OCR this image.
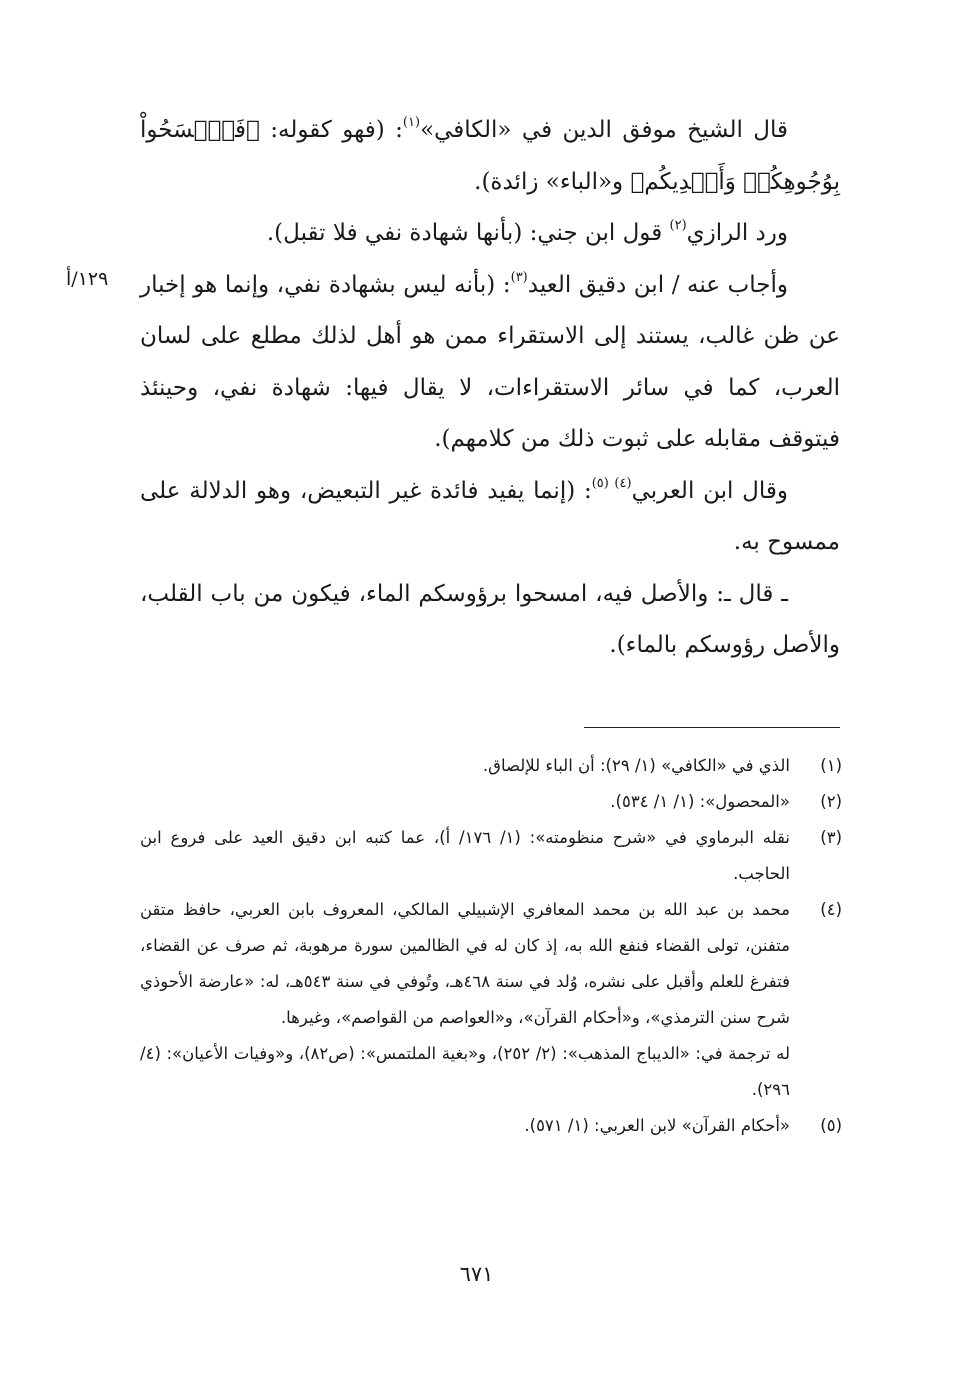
قال الشيخ موفق الدين في «الكافي»$^{(١)}$: (فهو كقوله: ﴿فَٱمۡسَحُواْ بِوُجُوهِكُمۡ وَأَيۡدِيكُم﴾ و«الباء» زائدة).

ورد الرازي$^{(٢)}$ قول ابن جني: (بأنها شهادة نفي فلا تقبل).

وأجاب عنه / ابن دقيق العيد$^{(٣)}$: (بأنه ليس بشهادة نفي، وإنما هو إخبار عن ظن غالب، يستند إلى الاستقراء ممن هو أهل لذلك مطلع على لسان العرب، كما في سائر الاستقراءات، لا يقال فيها: شهادة نفي، وحينئذ فيتوقف مقابله على ثبوت ذلك من كلامهم).

وقال ابن العربي$^{(٤) (٥)}$: (إنما يفيد فائدة غير التبعيض، وهو الدلالة على ممسوح به.

ـ قال ـ: والأصل فيه، امسحوا برؤوسكم الماء، فيكون من باب القلب، والأصل رؤوسكم بالماء).

١٢٩/أ
(١)
الذي في «الكافي» (١/ ٢٩): أن الباء للإلصاق.
(٢)
«المحصول»: (١/ ١/ ٥٣٤).
(٣)
نقله البرماوي في «شرح منظومته»: (١/ ١٧٦/ أ)، عما كتبه ابن دقيق العيد على فروع ابن الحاجب.
(٤)

محمد بن عبد الله بن محمد المعافري الإشبيلي المالكي، المعروف بابن العربي، حافظ متقن متفنن، تولى القضاء فنفع الله به، إذ كان له في الظالمين سورة مرهوبة، ثم صرف عن القضاء، فتفرغ للعلم وأقبل على نشره، وُلد في سنة ٤٦٨هـ، وتُوفي في سنة ٥٤٣هـ، له: «عارضة الأحوذي شرح سنن الترمذي»، و«أحكام القرآن»، و«العواصم من القواصم»، وغيرها.

له ترجمة في: «الديباج المذهب»: (٢/ ٢٥٢)، و«بغية الملتمس»: (ص٨٢)، و«وفيات الأعيان»: (٤/ ٢٩٦).

(٥)
«أحكام القرآن» لابن العربي: (١/ ٥٧١).
٦٧١
